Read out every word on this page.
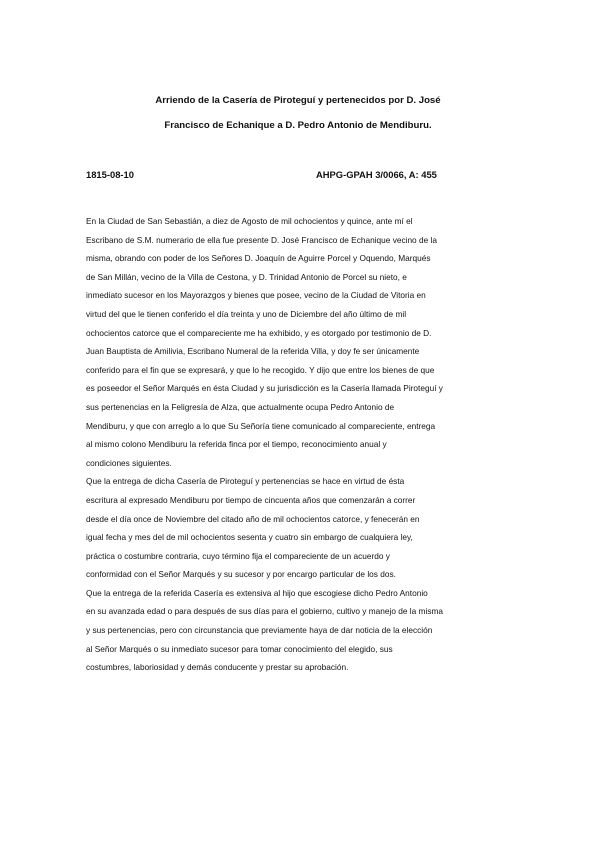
Arriendo de la Casería de Piroteguí y pertenecidos por D. José
Francisco de Echanique a D. Pedro Antonio de Mendiburu.
1815-08-10	AHPG-GPAH 3/0066, A: 455
En la Ciudad de San Sebastián, a diez de Agosto de mil ochocientos y quince, ante mí el
Escribano de S.M. numerario de ella fue presente D. José Francisco de Echanique vecino de la
misma, obrando con poder de los Señores D. Joaquín de Aguirre Porcel y Oquendo, Marqués
de San Millán, vecino de la Villa de Cestona, y D. Trinidad Antonio de Porcel su nieto, e
inmediato sucesor en los Mayorazgos y bienes que posee, vecino de la Ciudad de Vitoria en
virtud del que le tienen conferido el día treinta y uno de Diciembre del año último de mil
ochocientos catorce que el compareciente me ha exhibido, y es otorgado por testimonio de D.
Juan Bauptista de Amilivia, Escribano Numeral de la referida Villa, y doy fe ser únicamente
conferido para el fin que se expresará, y que lo he recogido. Y dijo que entre los bienes de que
es poseedor el Señor Marqués en ésta Ciudad y su jurisdicción es la Casería llamada Piroteguí y
sus pertenencias en la Feligresía de Alza, que actualmente ocupa Pedro Antonio de
Mendiburu, y que con arreglo a lo que Su Señoría tiene comunicado al compareciente, entrega
al mismo colono Mendiburu la referida finca por el tiempo, reconocimiento anual y
condiciones siguientes.
Que la entrega de dicha Casería de Piroteguí y pertenencias se hace en virtud de ésta
escritura al expresado Mendiburu por tiempo de cincuenta años que comenzarán a correr
desde el día once de Noviembre del citado año de mil ochocientos catorce, y fenecerán en
igual fecha y mes del de mil ochocientos sesenta y cuatro sin embargo de cualquiera ley,
práctica o costumbre contraria, cuyo término fija el compareciente de un acuerdo y
conformidad con el Señor Marqués y su sucesor y por encargo particular de los dos.
Que la entrega de la referida Casería es extensiva al hijo que escogiese dicho Pedro Antonio
en su avanzada edad o para después de sus días para el gobierno, cultivo y manejo de la misma
y sus pertenencias, pero con circunstancia que previamente haya de dar noticia de la elección
al Señor Marqués o su inmediato sucesor para tomar conocimiento del elegido, sus
costumbres, laboriosidad y demás conducente y prestar su aprobación.
